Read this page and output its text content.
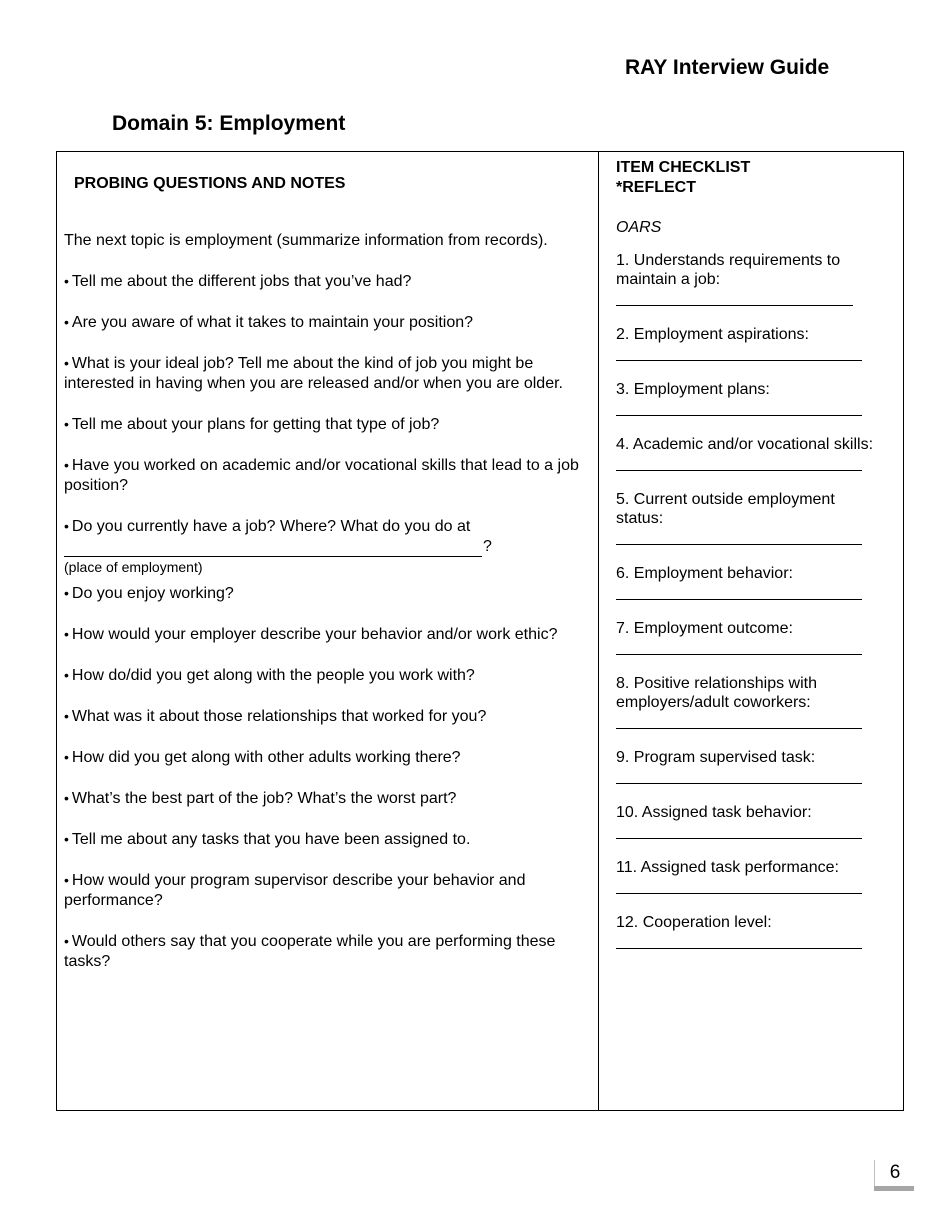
RAY Interview Guide
Domain 5: Employment
PROBING QUESTIONS AND NOTES
The next topic is employment (summarize information from records).
• Tell me about the different jobs that you’ve had?
• Are you aware of what it takes to maintain your position?
• What is your ideal job? Tell me about the kind of job you might be interested in having when you are released and/or when you are older.
• Tell me about your plans for getting that type of job?
• Have you worked on academic and/or vocational skills that lead to a job position?
• Do you currently have a job? Where? What do you do at
?
(place of employment)
• Do you enjoy working?
• How would your employer describe your behavior and/or work ethic?
• How do/did you get along with the people you work with?
• What was it about those relationships that worked for you?
• How did you get along with other adults working there?
• What’s the best part of the job? What’s the worst part?
• Tell me about any tasks that you have been assigned to.
• How would your program supervisor describe your behavior and performance?
• Would others say that you cooperate while you are performing these tasks?
ITEM CHECKLIST
*REFLECT
OARS
1. Understands requirements to maintain a job:
2. Employment aspirations:
3. Employment plans:
4. Academic and/or vocational skills:
5. Current outside employment status:
6. Employment behavior:
7. Employment outcome:
8. Positive relationships with employers/adult coworkers:
9. Program supervised task:
10. Assigned task behavior:
11. Assigned task performance:
12. Cooperation level:
6
